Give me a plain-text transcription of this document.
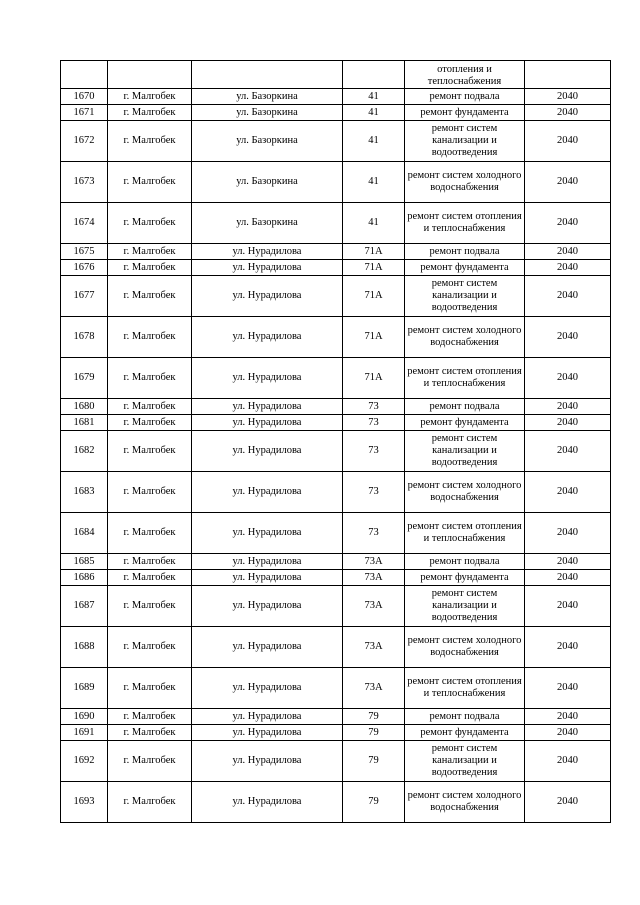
				отопления и теплоснабжения	
1670	г. Малгобек	ул. Базоркина	41	ремонт подвала	2040
1671	г. Малгобек	ул. Базоркина	41	ремонт фундамента	2040
1672	г. Малгобек	ул. Базоркина	41	ремонт систем канализации и водоотведения	2040
1673	г. Малгобек	ул. Базоркина	41	ремонт систем холодного водоснабжения	2040
1674	г. Малгобек	ул. Базоркина	41	ремонт систем отопления и теплоснабжения	2040
1675	г. Малгобек	ул. Нурадилова	71А	ремонт подвала	2040
1676	г. Малгобек	ул. Нурадилова	71А	ремонт фундамента	2040
1677	г. Малгобек	ул. Нурадилова	71А	ремонт систем канализации и водоотведения	2040
1678	г. Малгобек	ул. Нурадилова	71А	ремонт систем холодного водоснабжения	2040
1679	г. Малгобек	ул. Нурадилова	71А	ремонт систем отопления и теплоснабжения	2040
1680	г. Малгобек	ул. Нурадилова	73	ремонт подвала	2040
1681	г. Малгобек	ул. Нурадилова	73	ремонт фундамента	2040
1682	г. Малгобек	ул. Нурадилова	73	ремонт систем канализации и водоотведения	2040
1683	г. Малгобек	ул. Нурадилова	73	ремонт систем холодного водоснабжения	2040
1684	г. Малгобек	ул. Нурадилова	73	ремонт систем отопления и теплоснабжения	2040
1685	г. Малгобек	ул. Нурадилова	73А	ремонт подвала	2040
1686	г. Малгобек	ул. Нурадилова	73А	ремонт фундамента	2040
1687	г. Малгобек	ул. Нурадилова	73А	ремонт систем канализации и водоотведения	2040
1688	г. Малгобек	ул. Нурадилова	73А	ремонт систем холодного водоснабжения	2040
1689	г. Малгобек	ул. Нурадилова	73А	ремонт систем отопления и теплоснабжения	2040
1690	г. Малгобек	ул. Нурадилова	79	ремонт подвала	2040
1691	г. Малгобек	ул. Нурадилова	79	ремонт фундамента	2040
1692	г. Малгобек	ул. Нурадилова	79	ремонт систем канализации и водоотведения	2040
1693	г. Малгобек	ул. Нурадилова	79	ремонт систем холодного водоснабжения	2040
